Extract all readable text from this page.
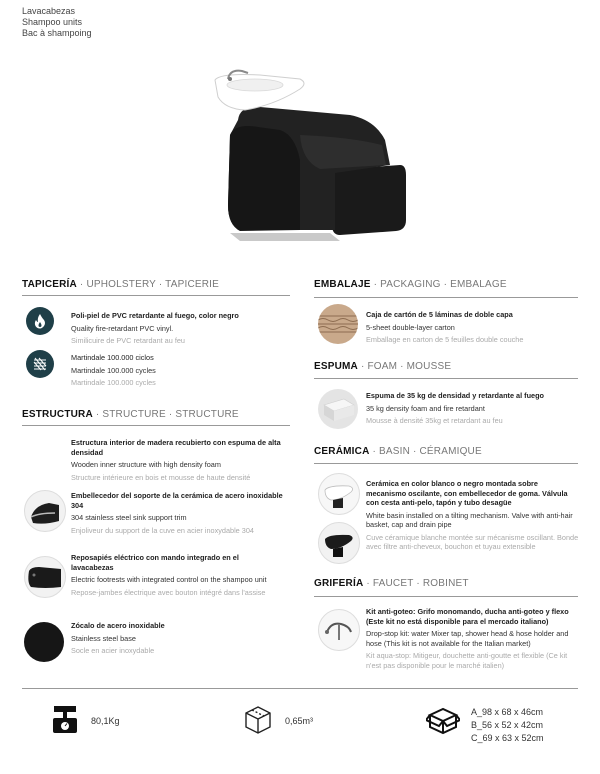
Lavacabezas
Shampoo units
Bac à shampoing
TAPICERÍA · UPHOLSTERY · TAPICERIE
Poli-piel de PVC retardante al fuego, color negro
Quality fire-retardant PVC vinyl.
Similicuire de PVC retardant au feu
Martindale 100.000 ciclos
Martindale 100.000 cycles
Martindale 100.000 cycles
ESTRUCTURA · STRUCTURE · STRUCTURE
Estructura interior de madera recubierto con espuma de alta densidad
Wooden inner structure with high density foam
Structure intérieure en bois et mousse de haute densité
Embellecedor del soporte de la cerámica de acero inoxidable 304
304 stainless steel sink support trim
Enjoliveur du support de la cuve en acier inoxydable 304
Reposapiés eléctrico con mando integrado en el lavacabezas
Electric footrests with integrated control on the shampoo unit
Repose-jambes électrique avec bouton intégré dans l'assise
Zócalo de acero inoxidable
Stainless steel base
Socle en acier inoxydable
EMBALAJE · PACKAGING · EMBALAGE
Caja de cartón de 5 láminas de doble capa
5-sheet double-layer carton
Emballage en carton de 5 feuilles double couche
ESPUMA · FOAM · MOUSSE
Espuma de 35 kg de densidad y retardante al fuego
35 kg density foam and fire retardant
Mousse à densité 35kg et retardant au feu
CERÁMICA · BASIN · CÉRAMIQUE
Cerámica en color blanco o negro montada sobre mecanismo oscilante, con embellecedor de goma. Válvula con cesta anti-pelo, tapón y tubo desagüe
White basin installed on a tilting mechanism. Valve with anti-hair basket, cap and drain pipe
Cuve céramique blanche montée sur mécanisme oscillant. Bonde avec filtre anti-cheveux, bouchon et tuyau extensible
GRIFERÍA · FAUCET · ROBINET
Kit anti-goteo: Grifo monomando, ducha anti-goteo y flexo (Este kit no está disponible para el mercado italiano)
Drop-stop kit: water Mixer tap, shower head & hose holder and hose (This kit is not available for the Italian market)
Kit aqua-stop: Mitigeur, douchette anti-goutte et flexible (Ce kit n'est pas disponible pour le marché italien)
80,1Kg	0,65m³
A_98 x 68 x 46cm
B_56 x 52 x 42cm
C_69 x 63 x 52cm
